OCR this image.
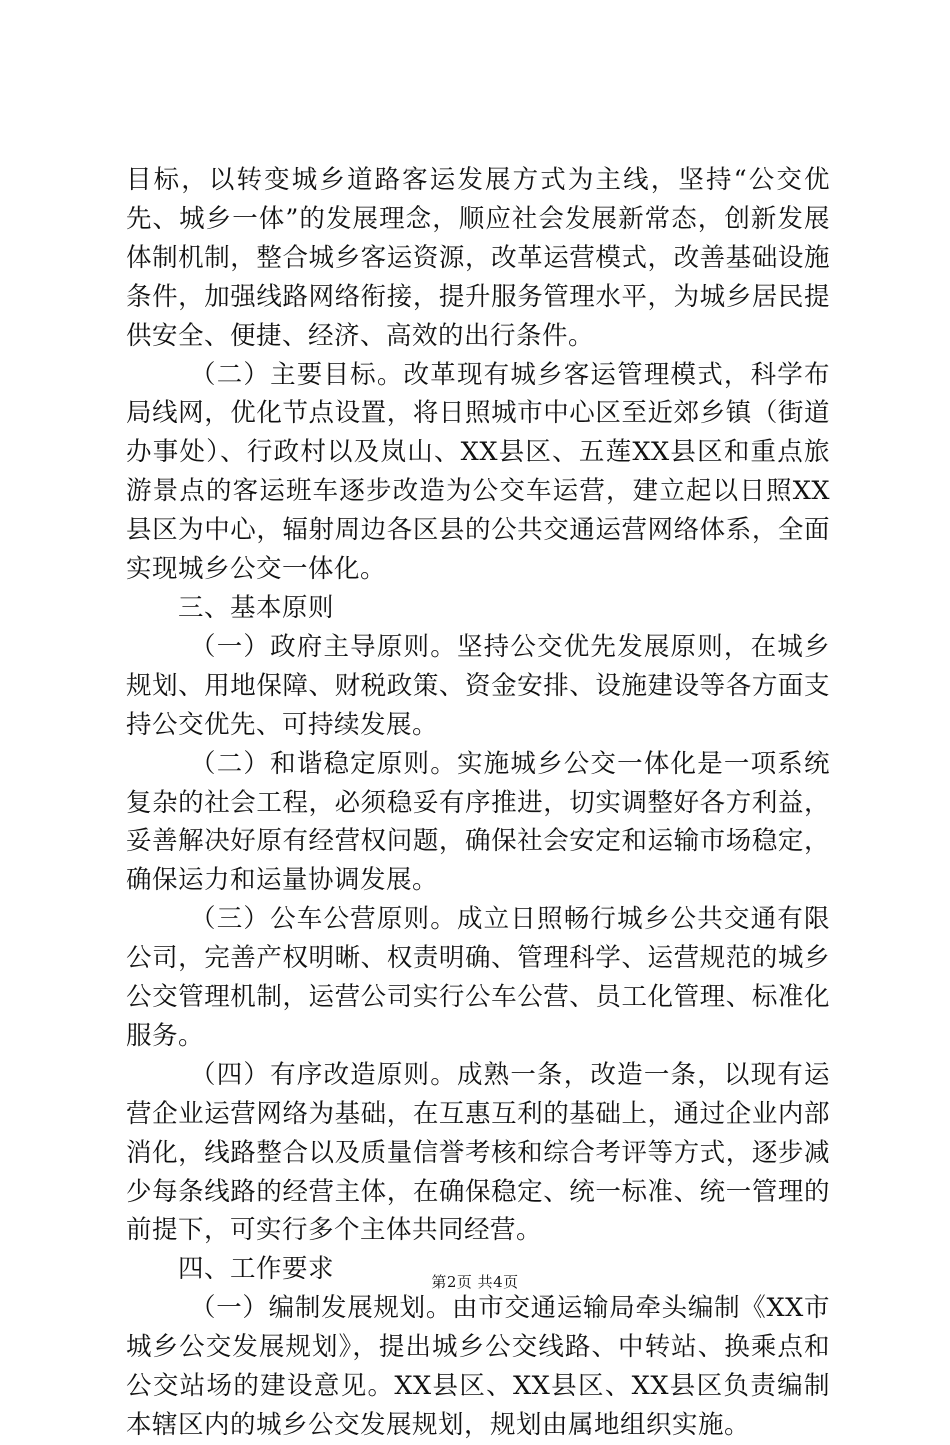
目标，以转变城乡道路客运发展方式为主线，坚持“公交优先、城乡一体”的发展理念，顺应社会发展新常态，创新发展体制机制，整合城乡客运资源，改革运营模式，改善基础设施条件，加强线路网络衔接，提升服务管理水平，为城乡居民提供安全、便捷、经济、高效的出行条件。

（二）主要目标。改革现有城乡客运管理模式，科学布局线网，优化节点设置，将日照城市中心区至近郊乡镇（街道办事处）、行政村以及岚山、XX县区、五莲XX县区和重点旅游景点的客运班车逐步改造为公交车运营，建立起以日照XX县区为中心，辐射周边各区县的公共交通运营网络体系，全面实现城乡公交一体化。

三、基本原则

（一）政府主导原则。坚持公交优先发展原则，在城乡规划、用地保障、财税政策、资金安排、设施建设等各方面支持公交优先、可持续发展。

（二）和谐稳定原则。实施城乡公交一体化是一项系统复杂的社会工程，必须稳妥有序推进，切实调整好各方利益，妥善解决好原有经营权问题，确保社会安定和运输市场稳定，确保运力和运量协调发展。

（三）公车公营原则。成立日照畅行城乡公共交通有限公司，完善产权明晰、权责明确、管理科学、运营规范的城乡公交管理机制，运营公司实行公车公营、员工化管理、标准化服务。

（四）有序改造原则。成熟一条，改造一条，以现有运营企业运营网络为基础，在互惠互利的基础上，通过企业内部消化，线路整合以及质量信誉考核和综合考评等方式，逐步减少每条线路的经营主体，在确保稳定、统一标准、统一管理的前提下，可实行多个主体共同经营。

四、工作要求

（一）编制发展规划。由市交通运输局牵头编制《XX市城乡公交发展规划》，提出城乡公交线路、中转站、换乘点和公交站场的建设意见。XX县区、XX县区、XX县区负责编制本辖区内的城乡公交发展规划，规划由属地组织实施。

第2页 共4页
